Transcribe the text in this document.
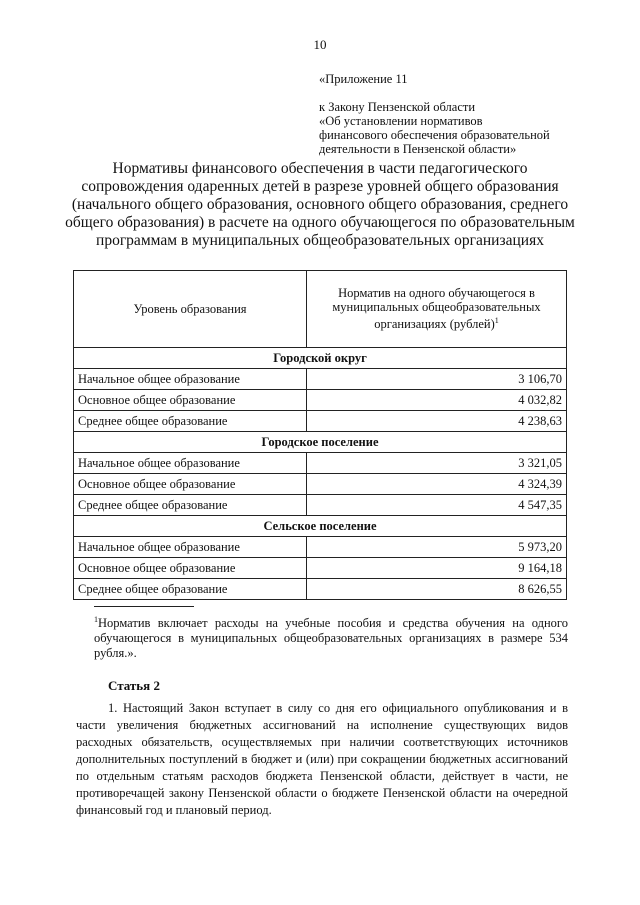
10
«Приложение 11
к Закону Пензенской области
«Об установлении нормативов
финансового обеспечения образовательной
деятельности в Пензенской области»
Нормативы финансового обеспечения в части педагогического сопровождения одаренных детей в разрезе уровней общего образования (начального общего образования, основного общего образования, среднего общего образования) в расчете на одного обучающегося по образовательным программам в муниципальных общеобразовательных организациях
Уровень образования	Норматив на одного обучающегося в муниципальных общеобразовательных организациях (рублей)$^1$
Городской округ	
Начальное общее образование	3 106,70
Основное общее образование	4 032,82
Среднее общее образование	4 238,63
Городское поселение	
Начальное общее образование	3 321,05
Основное общее образование	4 324,39
Среднее общее образование	4 547,35
Сельское поселение	
Начальное общее образование	5 973,20
Основное общее образование	9 164,18
Среднее общее образование	8 626,55
$^1$Норматив включает расходы на учебные пособия и средства обучения на одного обучающегося в муниципальных общеобразовательных организациях в размере 534 рубля.».
Статья 2
1. Настоящий Закон вступает в силу со дня его официального опубликования и в части увеличения бюджетных ассигнований на исполнение существующих видов расходных обязательств, осуществляемых при наличии соответствующих источников дополнительных поступлений в бюджет и (или) при сокращении бюджетных ассигнований по отдельным статьям расходов бюджета Пензенской области, действует в части, не противоречащей закону Пензенской области о бюджете Пензенской области на очередной финансовый год и плановый период.
